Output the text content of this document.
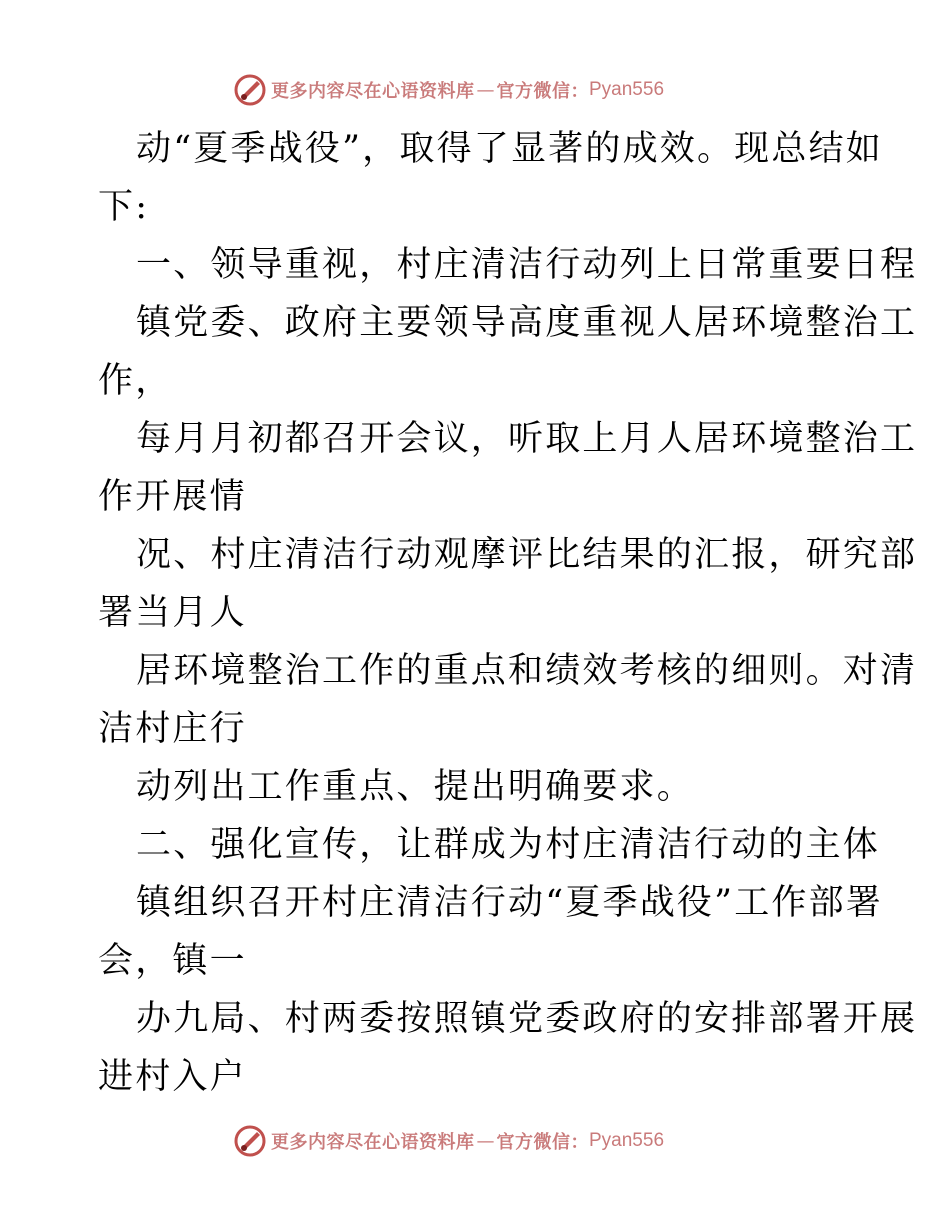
更多内容尽在心语资料库 — 官方微信： Pyan556
动“夏季战役”，取得了显著的成效。现总结如
下:
一、领导重视，村庄清洁行动列上日常重要日程
镇党委、政府主要领导高度重视人居环境整治工
作，
每月月初都召开会议，听取上月人居环境整治工
作开展情
况、村庄清洁行动观摩评比结果的汇报，研究部
署当月人
居环境整治工作的重点和绩效考核的细则。对清
洁村庄行
动列出工作重点、提出明确要求。
二、强化宣传，让群成为村庄清洁行动的主体
镇组织召开村庄清洁行动“夏季战役”工作部署
会，镇一
办九局、村两委按照镇党委政府的安排部署开展
进村入户
更多内容尽在心语资料库 — 官方微信： Pyan556
